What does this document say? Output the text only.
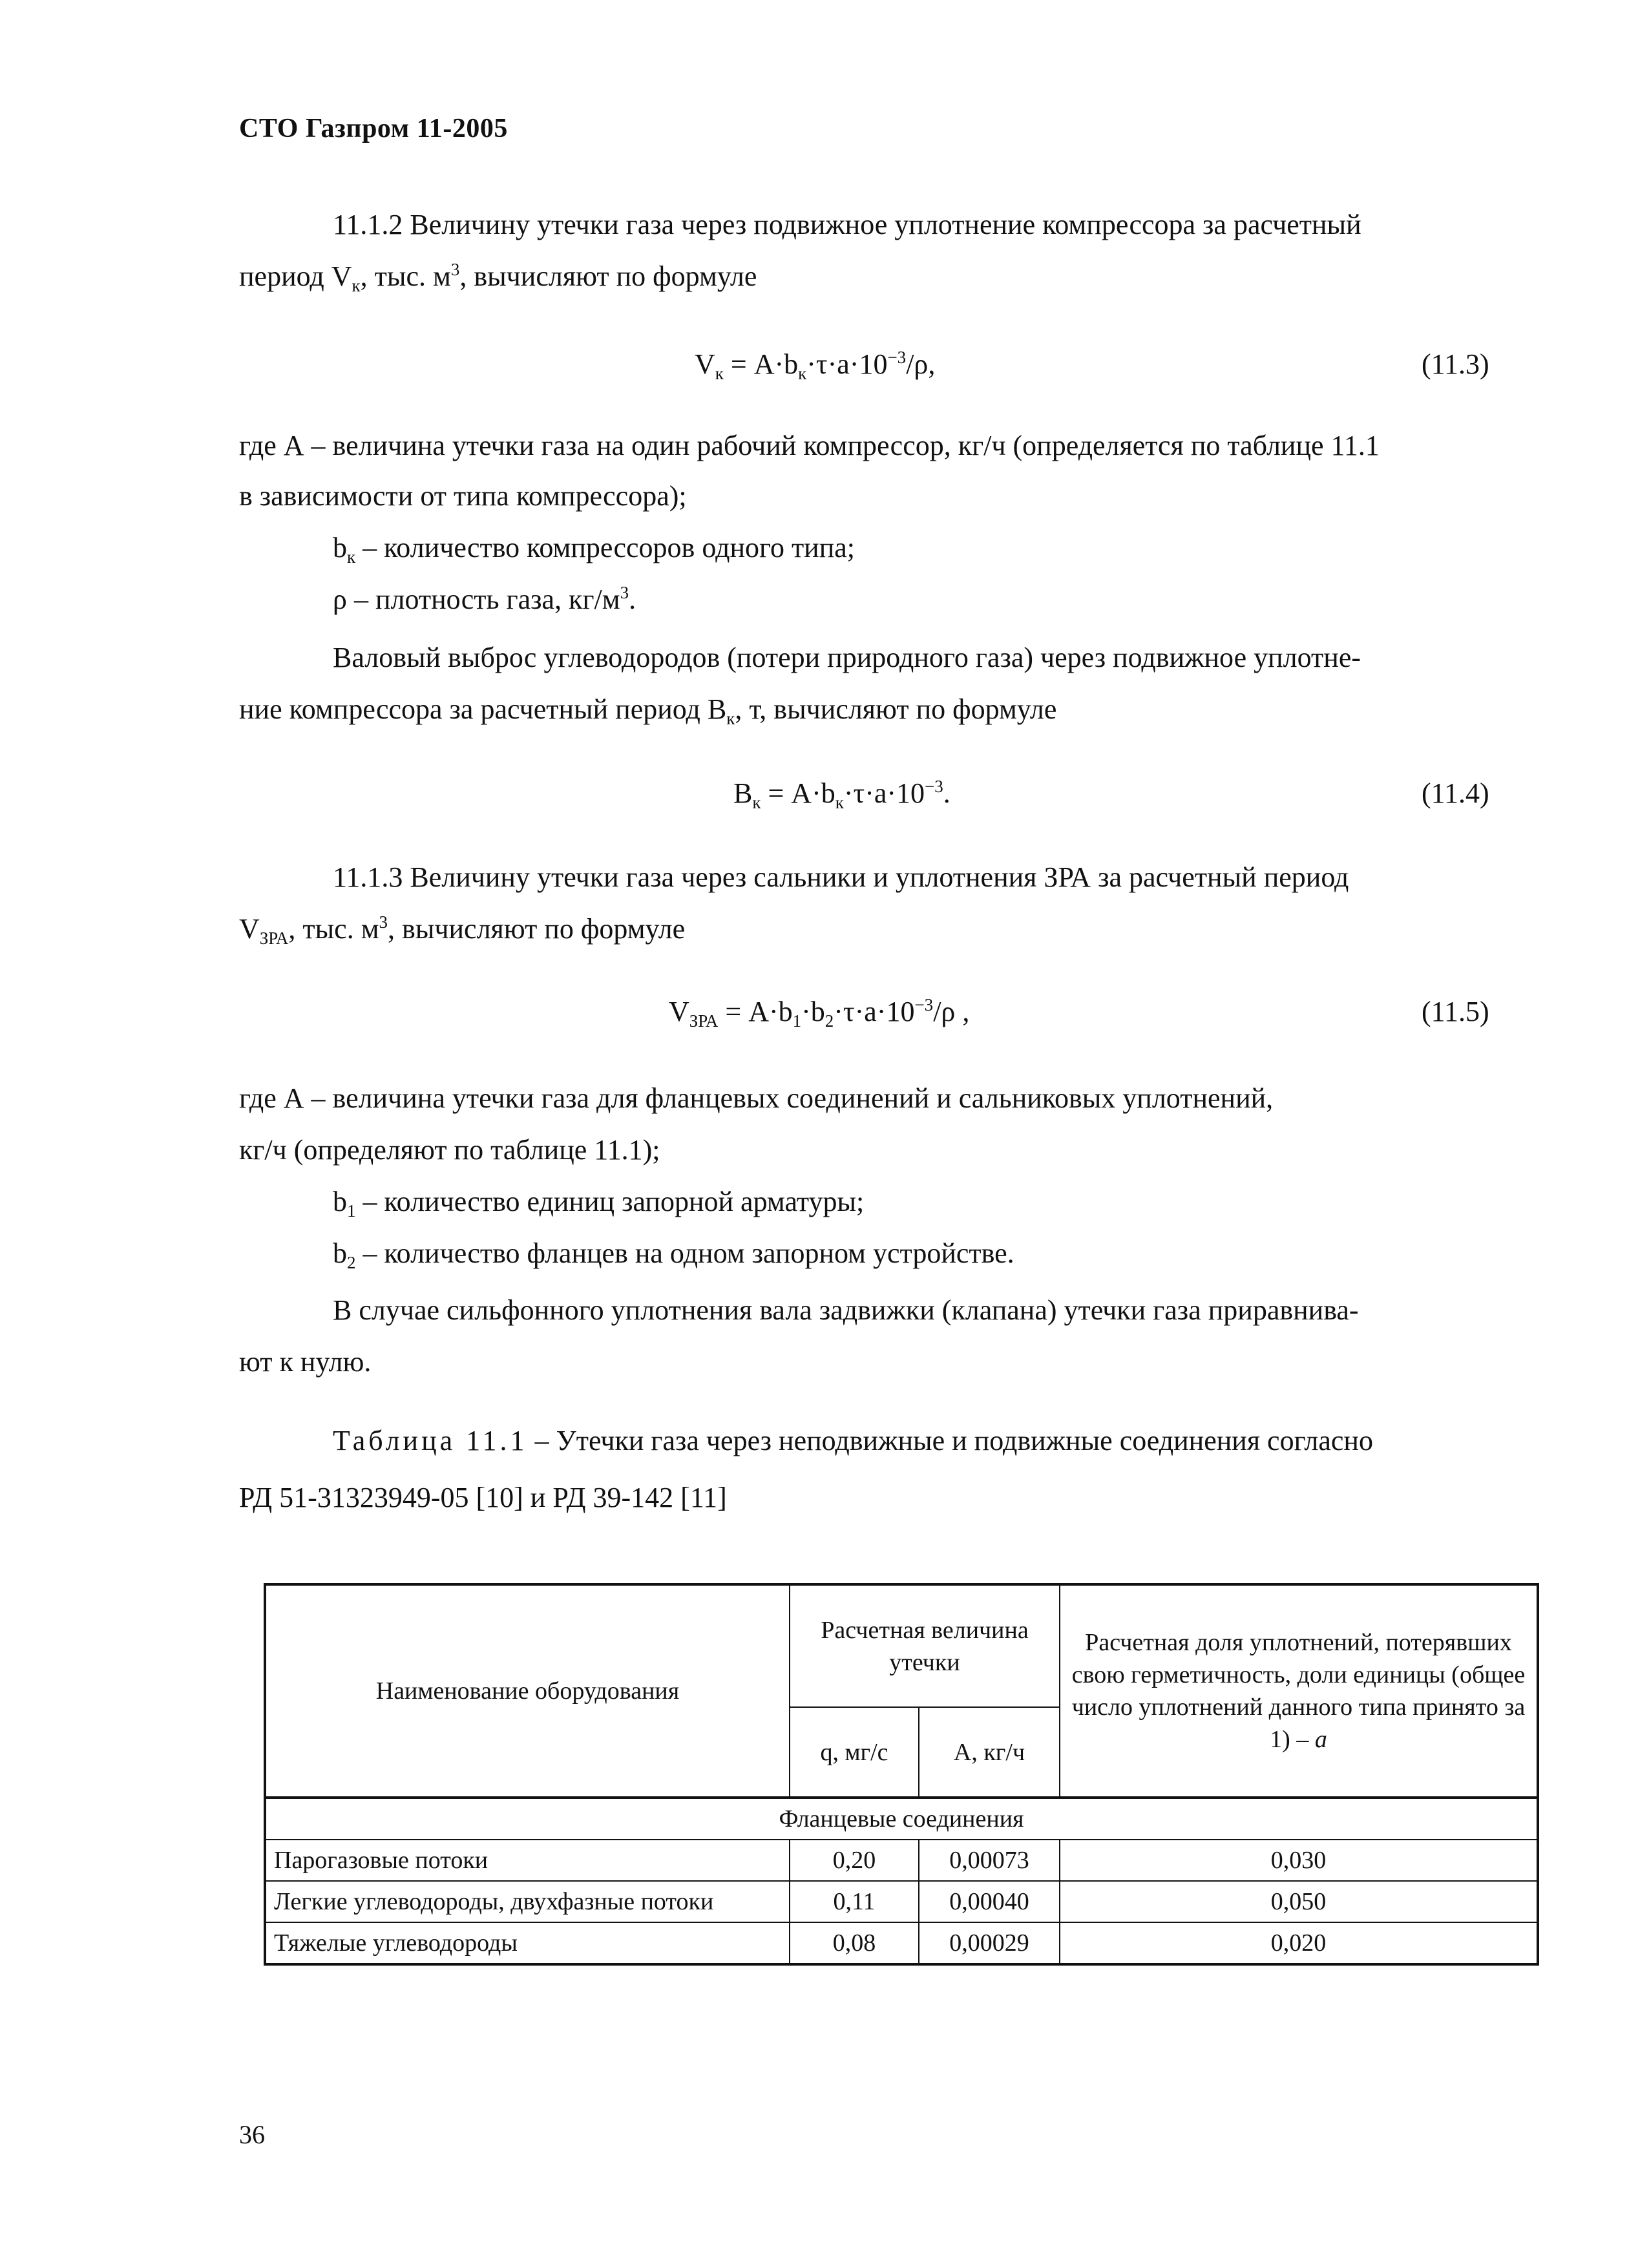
СТО Газпром 11-2005
11.1.2 Величину утечки газа через подвижное уплотнение компрессора за расчетный
период $V_к$, тыс. $м^3$, вычисляют по формуле
$V_к = A\cdot b_к\cdot\tau\cdot a\cdot 10^{-3}/\rho$,	(11.3)
где А – величина утечки газа на один рабочий компрессор, кг/ч (определяется по таблице 11.1
в зависимости от типа компрессора);
$b_к$ – количество компрессоров одного типа;
ρ – плотность газа, $кг/м^3$.
Валовый выброс углеводородов (потери природного газа) через подвижное уплотне-
ние компрессора за расчетный период $B_к$, т, вычисляют по формуле
$B_к = A\cdot b_к\cdot\tau\cdot a\cdot 10^{-3}$.	(11.4)
11.1.3 Величину утечки газа через сальники и уплотнения ЗРА за расчетный период
$V_{ЗРА}$, тыс. $м^3$, вычисляют по формуле
$V_{ЗРА} = A\cdot b_1\cdot b_2\cdot\tau\cdot a\cdot 10^{-3}/\rho$ ,	(11.5)
где А – величина утечки газа для фланцевых соединений и сальниковых уплотнений,
кг/ч (определяют по таблице 11.1);
$b_1$ – количество единиц запорной арматуры;
$b_2$ – количество фланцев на одном запорном устройстве.
В случае сильфонного уплотнения вала задвижки (клапана) утечки газа приравнива-
ют к нулю.
Таблица 11.1 – Утечки газа через неподвижные и подвижные соединения согласно
РД 51-31323949-05 [10] и РД 39-142 [11]
Наименование оборудования	Расчетная величина утечки		Расчетная доля уплотнений, потерявших свою герметичность, доли единицы (общее число уплотнений данного типа принято за 1) – a
	q, мг/с	A, кг/ч	
Фланцевые соединения			
Парогазовые потоки	0,20	0,00073	0,030
Легкие углеводороды, двухфазные потоки	0,11	0,00040	0,050
Тяжелые углеводороды	0,08	0,00029	0,020
36
